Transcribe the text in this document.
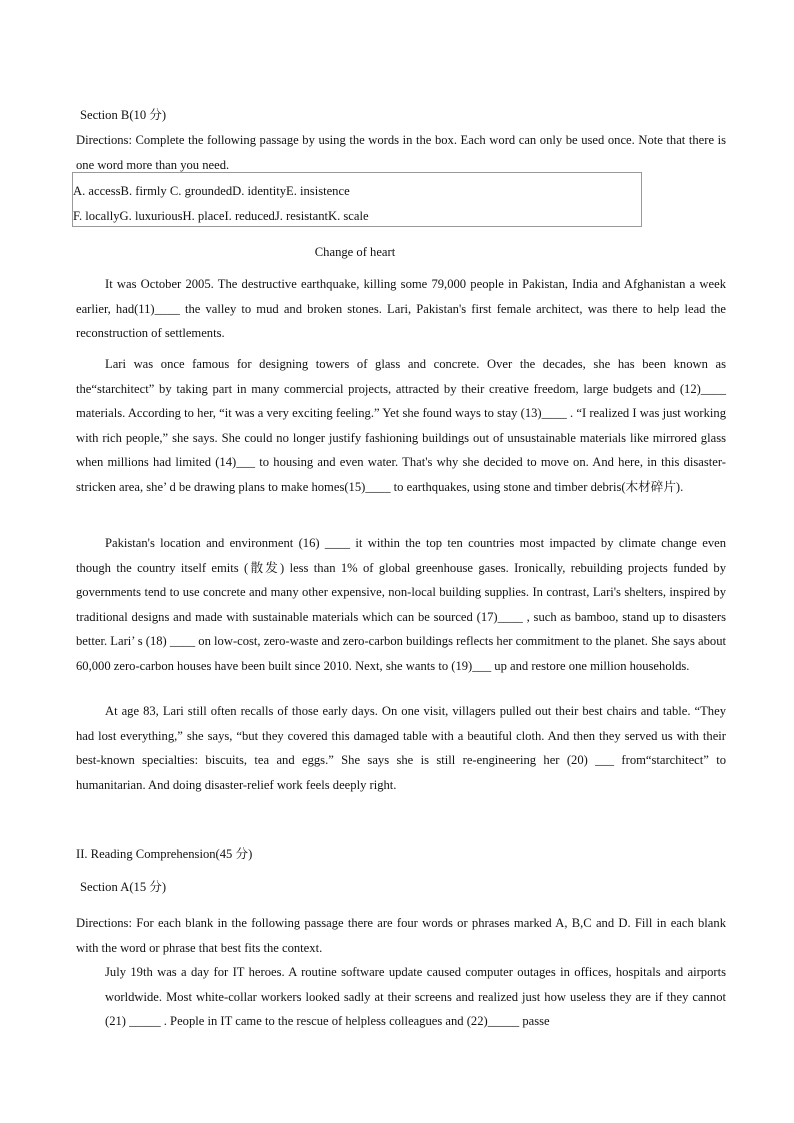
Section B(10 分)

Directions: Complete the following passage by using the words in the box. Each word can only be used once. Note that there is one word more than you need.

A. accessB. firmly C. groundedD. identityE. insistence
F. locallyG. luxuriousH. placeI. reducedJ. resistantK. scale
Change of heart

It was October 2005. The destructive earthquake, killing some 79,000 people in Pakistan, India and Afghanistan a week earlier, had(11)____ the valley to mud and broken stones. Lari, Pakistan's first female architect, was there to help lead the reconstruction of settlements.

Lari was once famous for designing towers of glass and concrete. Over the decades, she has been known as the“starchitect” by taking part in many commercial projects, attracted by their creative freedom, large budgets and (12)____ materials. According to her, “it was a very exciting feeling.” Yet she found ways to stay (13)____ . “I realized I was just working with rich people,” she says. She could no longer justify fashioning buildings out of unsustainable materials like mirrored glass when millions had limited (14)___ to housing and even water. That's why she decided to move on. And here, in this disaster-stricken area, she’ d be drawing plans to make homes(15)____ to earthquakes, using stone and timber debris(木材碎片).

Pakistan's location and environment (16) ____ it within the top ten countries most impacted by climate change even though the country itself emits (散发) less than 1% of global greenhouse gases. Ironically, rebuilding projects funded by governments tend to use concrete and many other expensive, non-local building supplies. In contrast, Lari's shelters, inspired by traditional designs and made with sustainable materials which can be sourced (17)____ , such as bamboo, stand up to disasters better. Lari’ s (18) ____ on low-cost, zero-waste and zero-carbon buildings reflects her commitment to the planet. She says about 60,000 zero-carbon houses have been built since 2010. Next, she wants to (19)___ up and restore one million households.

At age 83, Lari still often recalls of those early days. On one visit, villagers pulled out their best chairs and table. “They had lost everything,” she says, “but they covered this damaged table with a beautiful cloth. And then they served us with their best-known specialties: biscuits, tea and eggs.” She says she is still re-engineering her (20) ___ from“starchitect” to humanitarian. And doing disaster-relief work feels deeply right.

II. Reading Comprehension(45 分)
Section A(15 分)

Directions: For each blank in the following passage there are four words or phrases marked A, B,C and D. Fill in each blank with the word or phrase that best fits the context.

July 19th was a day for IT heroes. A routine software update caused computer outages in offices, hospitals and airports worldwide. Most white-collar workers looked sadly at their screens and realized just how useless they are if they cannot (21) _____ . People in IT came to the rescue of helpless colleagues and (22)_____ passe
